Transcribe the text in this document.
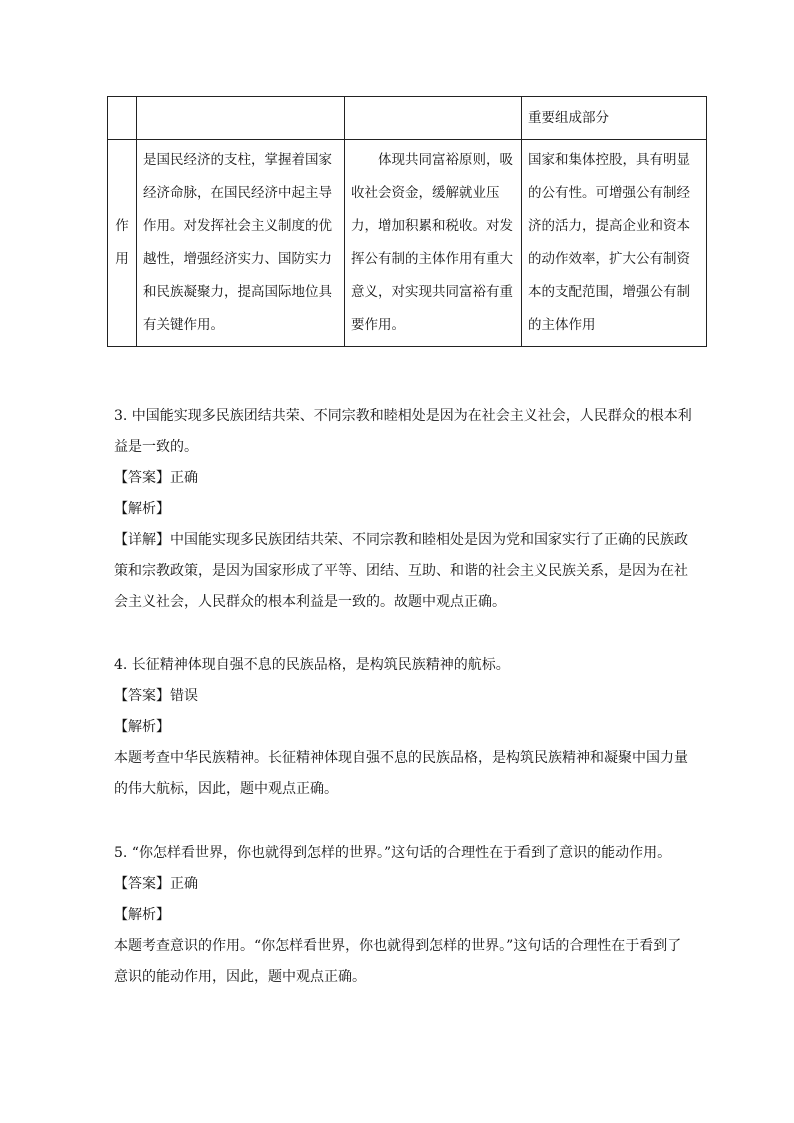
			重要组成部分

作
用	是国民经济的支柱，掌握着国家经济命脉，在国民经济中起主导作用。对发挥社会主义制度的优越性，增强经济实力、国防实力和民族凝聚力，提高国际地位具有关键作用。	体现共同富裕原则，吸收社会资金，缓解就业压力，增加积累和税收。对发挥公有制的主体作用有重大意义，对实现共同富裕有重要作用。	国家和集体控股，具有明显的公有性。可增强公有制经济的活力，提高企业和资本的动作效率，扩大公有制资本的支配范围，增强公有制的主体作用

3. 中国能实现多民族团结共荣、不同宗教和睦相处是因为在社会主义社会，人民群众的根本利益是一致的。

【答案】正确

【解析】

【详解】中国能实现多民族团结共荣、不同宗教和睦相处是因为党和国家实行了正确的民族政策和宗教政策，是因为国家形成了平等、团结、互助、和谐的社会主义民族关系，是因为在社会主义社会，人民群众的根本利益是一致的。故题中观点正确。

4. 长征精神体现自强不息的民族品格，是构筑民族精神的航标。

【答案】错误

【解析】

本题考查中华民族精神。长征精神体现自强不息的民族品格，是构筑民族精神和凝聚中国力量的伟大航标，因此，题中观点正确。

5. “你怎样看世界，你也就得到怎样的世界。”这句话的合理性在于看到了意识的能动作用。

【答案】正确

【解析】

本题考查意识的作用。“你怎样看世界，你也就得到怎样的世界。”这句话的合理性在于看到了意识的能动作用，因此，题中观点正确。
